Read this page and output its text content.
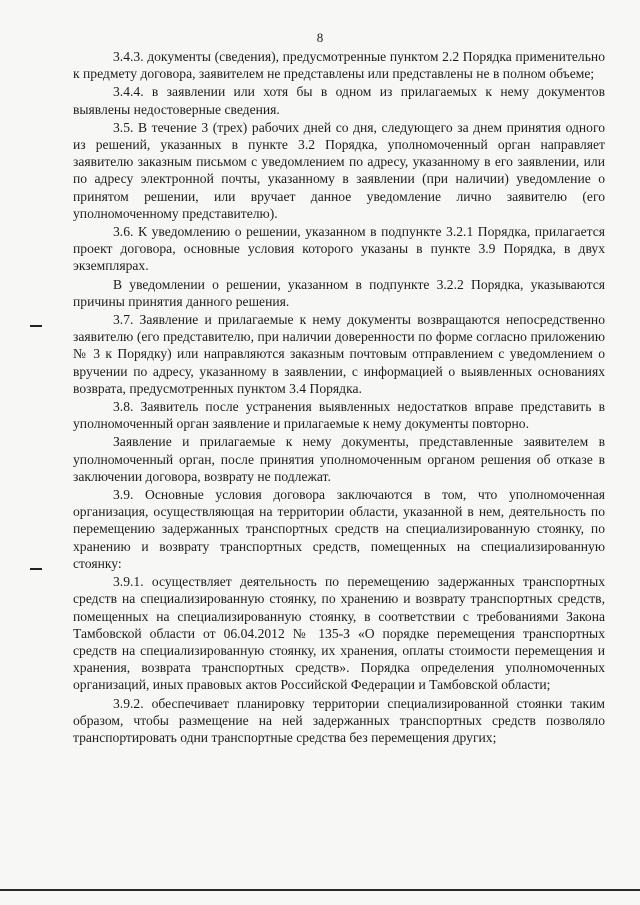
8

3.4.3. документы (сведения), предусмотренные пунктом 2.2 Порядка применительно к предмету договора, заявителем не представлены или представлены не в полном объеме;

3.4.4. в заявлении или хотя бы в одном из прилагаемых к нему документов выявлены недостоверные сведения.

3.5. В течение 3 (трех) рабочих дней со дня, следующего за днем принятия одного из решений, указанных в пункте 3.2 Порядка, уполномоченный орган направляет заявителю заказным письмом с уведомлением по адресу, указанному в его заявлении, или по адресу электронной почты, указанному в заявлении (при наличии) уведомление о принятом решении, или вручает данное уведомление лично заявителю (его уполномоченному представителю).

3.6. К уведомлению о решении, указанном в подпункте 3.2.1 Порядка, прилагается проект договора, основные условия которого указаны в пункте 3.9 Порядка, в двух экземплярах.

В уведомлении о решении, указанном в подпункте 3.2.2 Порядка, указываются причины принятия данного решения.

3.7. Заявление и прилагаемые к нему документы возвращаются непосредственно заявителю (его представителю, при наличии доверенности по форме согласно приложению № 3 к Порядку) или направляются заказным почтовым отправлением с уведомлением о вручении по адресу, указанному в заявлении, с информацией о выявленных основаниях возврата, предусмотренных пунктом 3.4 Порядка.

3.8. Заявитель после устранения выявленных недостатков вправе представить в уполномоченный орган заявление и прилагаемые к нему документы повторно.

Заявление и прилагаемые к нему документы, представленные заявителем в уполномоченный орган, после принятия уполномоченным органом решения об отказе в заключении договора, возврату не подлежат.

3.9. Основные условия договора заключаются в том, что уполномоченная организация, осуществляющая на территории области, указанной в нем, деятельность по перемещению задержанных транспортных средств на специализированную стоянку, по хранению и возврату транспортных средств, помещенных на специализированную стоянку:

3.9.1. осуществляет деятельность по перемещению задержанных транспортных средств на специализированную стоянку, по хранению и возврату транспортных средств, помещенных на специализированную стоянку, в соответствии с требованиями Закона Тамбовской области от 06.04.2012 № 135-З «О порядке перемещения транспортных средств на специализированную стоянку, их хранения, оплаты стоимости перемещения и хранения, возврата транспортных средств». Порядка определения уполномоченных организаций, иных правовых актов Российской Федерации и Тамбовской области;

3.9.2. обеспечивает планировку территории специализированной стоянки таким образом, чтобы размещение на ней задержанных транспортных средств позволяло транспортировать одни транспортные средства без перемещения других;
